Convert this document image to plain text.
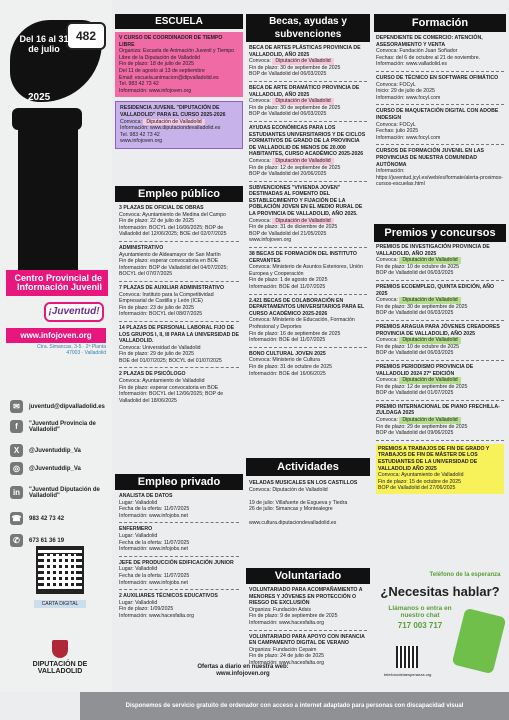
482
Del 16 al 31 de julio
2025
Centro Provincial de Información Juvenil
¡Juventud!
www.infojoven.org
Ctra. Simancas, 3-5 · 2ª Planta 47003 · Valladolid
✉	juventud@dipvalladolid.es
f	"Juventud Provincia de Valladolid"
X	@Juventuddip_Va
◎	@Juventuddip_Va
in	"Juventud Diputación de Valladolid"
☎ 983 42 73 42
✆	673 61 36 19
CARTA DIGITAL
DIPUTACIÓN DE VALLADOLID
ESCUELA
V CURSO DE COORDINADOR DE TIEMPO LIBRE
Organiza: Escuela de Animación Juvenil y Tiempo Libre de la Diputación de Valladolid
Fin de plazo: 18 de julio de 2025
Del 11 de agosto al 13 de septiembre
Email: escuela.animacion@dipvalladolid.es
Tel. 983 42 73 42
Información: www.infojoven.org
RESIDENCIA JUVENIL "DIPUTACIÓN DE VALLADOLID" PARA EL CURSO 2025-2026
Convoca: Diputación de Valladolid
Información: www.diputaciondevalladolid.es
Tel. 983 42 73 42
www.infojoven.org
Empleo público
3 PLAZAS DE OFICIAL DE OBRAS
Convoca: Ayuntamiento de Medina del Campo
Fin de plazo: 22 de julio de 2025
Información: BOCYL del 16/06/2025; BOP de Valladolid del 12/06/2025; BOE del 02/07/2025
ADMINISTRATIVO
Ayuntamiento de Aldeamayor de San Martín
Fin de plazo: esperar convocatoria en BOE
Información: BOP de Valladolid del 04/07/2025; BOCYL del 07/07/2025
7 PLAZAS DE AUXILIAR ADMINISTRATIVO
Convoca: Instituto para la Competitividad Empresarial de Castilla y León (ICE)
Fin de plazo: 23 de julio de 2025
Información: BOCYL del 08/07/2025
14 PLAZAS DE PERSONAL LABORAL FIJO DE LOS GRUPOS I, II, III PARA LA UNIVERSIDAD DE VALLADOLID.
Convoca: Universidad de Valladolid
Fin de plazo: 29 de julio de 2025
BOE del 01/07/2025; BOCYL del 01/07/2025
2 PLAZAS DE PSICÓLOGO
Convoca: Ayuntamiento de Valladolid
Fin de plazo: esperar convocatoria en BOE
Información: BOCYL del 12/06/2025; BOP de Valladolid del 18/06/2025
Empleo privado
ANALISTA DE DATOS
Lugar: Valladolid
Fecha de la oferta: 11/07/2025
Información: www.infojobs.net
ENFERMERO
Lugar: Valladolid
Fecha de la oferta: 11/07/2025
Información: www.infojobs.net
JEFE DE PRODUCCIÓN EDIFICACIÓN JUNIOR
Lugar: Valladolid
Fecha de la oferta: 11/07/2025
Información: www.infojobs.net
2 AUXILIARES TÉCNICOS EDUCATIVOS
Lugar: Valladolid
Fin de plazo: 1/09/2025
Información: www.hacesfalta.org
Becas, ayudas y subvenciones
BECA DE ARTES PLÁSTICAS PROVINCIA DE VALLADOLID, AÑO 2025
Convoca: Diputación de Valladolid
Fin de plazo: 30 de septiembre de 2025
BOP de Valladolid del 06/03/2025
BECA DE ARTE DRAMÁTICO PROVINCIA DE VALLADOLID, AÑO 2025
Convoca: Diputación de Valladolid
Fin de plazo: 30 de septiembre de 2025
BOP de Valladolid del 06/03/2025
AYUDAS ECONÓMICAS PARA LOS ESTUDIANTES UNIVERSITARIOS Y DE CICLOS FORMATIVOS DE GRADO DE LA PROVINCIA DE VALLADOLID DE MENOS DE 20.000 HABITANTES, CURSO ACADÉMICO 2025-2026
Convoca: Diputación de Valladolid
Fin de plazo: 12 de septiembre de 2025
BOP de Valladolid del 20/06/2025
SUBVENCIONES "VIVIENDA JOVEN" DESTINADAS AL FOMENTO DEL ESTABLECIMIENTO Y FIJACIÓN DE LA POBLACIÓN JOVEN EN EL MEDIO RURAL DE LA PROVINCIA DE VALLADOLID, AÑO 2025.
Convoca: Diputación de Valladolid
Fin de plazo: 31 de diciembre de 2025
BOP de Valladolid del 21/05/2025
www.infojoven.org
38 BECAS DE FORMACIÓN DEL INSTITUTO CERVANTES
Convoca: Ministerio de Asuntos Exteriores, Unión Europea y Cooperación
Fin de plazo: 1 de agosto de 2025
Información: BOE del 11/07/2025
2.421 BECAS DE COLABORACIÓN EN DEPARTAMENTOS UNIVERSITARIOS PARA EL CURSO ACADÉMICO 2025-2026
Convoca: Ministerio de Educación, Formación Profesional y Deportes
Fin de plazo: 16 de septiembre de 2025
Información: BOE del 11/07/2025
BONO CULTURAL JOVEN 2025
Convoca: Ministerio de Cultura
Fin de plazo: 31 de octubre de 2025
Información: BOE del 16/06/2025
Actividades
VELADAS MUSICALES EN LOS CASTILLOS
Convoca: Diputación de Valladolid

19 de julio: Villafuerte de Esgueva y Tiedra
26 de julio: Simancas y Montealegre

www.cultura.diputaciondevalladolid.es
Voluntariado
VOLUNTARIADO PARA ACOMPAÑAMIENTO A MENORES Y JÓVENES EN PROTECCIÓN O RIESGO DE EXCLUSIÓN
Organiza: Fundación Adsis
Fin de plazo: 9 de septiembre de 2025
Información: www.hacesfalta.org
VOLUNTARIADO PARA APOYO CON INFANCIA EN CAMPAMENTO DIGITAL DE VERANO
Organiza: Fundación Cepaim
Fin de plazo: 24 de julio de 2025
Información: www.hacesfalta.org
Formación
DEPENDIENTE DE COMERCIO: ATENCIÓN, ASESORAMIENTO Y VENTA
Convoca: Fundación Juan Soñador
Fechas: del 6 de octubre al 21 de noviembre.
Información: www.valladolid.es
CURSO DE TÉCNICO EN SOFTWARE OFIMÁTICO
Convoca: FOCyL
Inicio: 29 de julio de 2025
Información: www.focyl.com
CURSO DE MAQUETACIÓN DIGITAL CON ADOBE INDESIGN
Convoca: FOCyL
Fechas: julio 2025
Información: www.focyl.com
CURSOS DE FORMACIÓN JUVENIL EN LAS PROVINCIAS DE NUESTRA COMUNIDAD AUTÓNOMA
Información:
https://juventud.jcyl.es/web/es/formate/alerta-proximos-cursos-escuelas.html
Premios y concursos
PREMIOS DE INVESTIGACIÓN PROVINCIA DE VALLADOLID, AÑO 2025
Convoca: Diputación de Valladolid
Fin de plazo: 10 de octubre de 2025
BOP de Valladolid del 06/03/2025
PREMIOS ECOEMPLEO, QUINTA EDICIÓN, AÑO 2025
Convoca: Diputación de Valladolid
Fin de plazo: 30 de septiembre de 2025
BOP de Valladolid del 06/03/2025
PREMIOS ARAGUA PARA JÓVENES CREADORES PROVINCIA DE VALLADOLID, AÑO 2025
Convoca: Diputación de Valladolid
Fin de plazo: 10 de octubre de 2025
BOP de Valladolid del 06/03/2025
PREMIOS PERIODISMO PROVINCIA DE VALLADOLID 2024 27ª EDICIÓN
Convoca: Diputación de Valladolid
Fin de plazo: 12 de septiembre de 2025
BOP de Valladolid del 01/07/2025
PREMIO INTERNACIONAL DE PIANO FRECHILLA-ZULDAGA 2025
Convoca: Diputación de Valladolid
Fin de plazo: 29 de septiembre de 2025
BOP de Valladolid del 09/06/2025
PREMIOS A TRABAJOS DE FIN DE GRADO Y TRABAJOS DE FIN DE MÁSTER DE LOS ESTUDIANTES DE LA UNIVERSIDAD DE VALLADOLID AÑO 2025
Convoca: Ayuntamiento de Valladolid
Fin de plazo: 15 de octubre de 2025
BOP de Valladolid del 27/06/2025
Teléfono de la esperanza
¿Necesitas hablar?
Llámanos o entra en nuestro chat
717 003 717
telefonodelaesperanza.org
Ofertas a diario en nuestra web:
www.infojoven.org
Disponemos de servicio gratuito de ordenador con acceso a internet adaptado para personas con discapacidad visual
